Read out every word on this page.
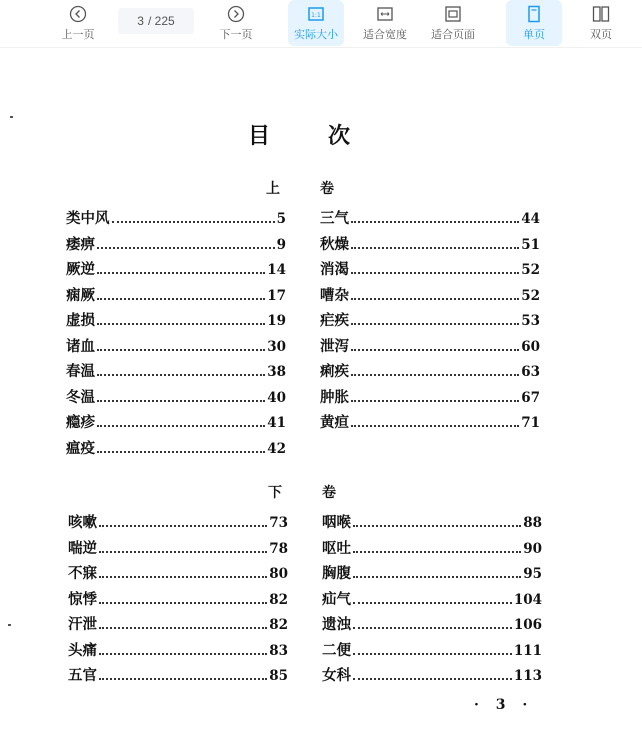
上一页
3 / 225
下一页
1:1
实际大小 适合宽度 适合页面	单页	双页
目	次
上	卷
下	卷
类中风	5
痿痹	9
厥逆	14
痫厥	17
虚损	19
诸血	30
春温	38
冬温	40
瘾疹	41
瘟疫	42
三气	44
秋燥	51
消渴	52
嘈杂	52
疟疾	53
泄泻	60
痢疾	63
肿胀	67
黄疸	71
咳嗽	73
喘逆	78
不寐	80
惊悸	82
汗泄	82
头痛	83
五官	85
咽喉	88
呕吐	90
胸腹	95
疝气	104
遗浊	106
二便	111
女科	113
· 3 ·
